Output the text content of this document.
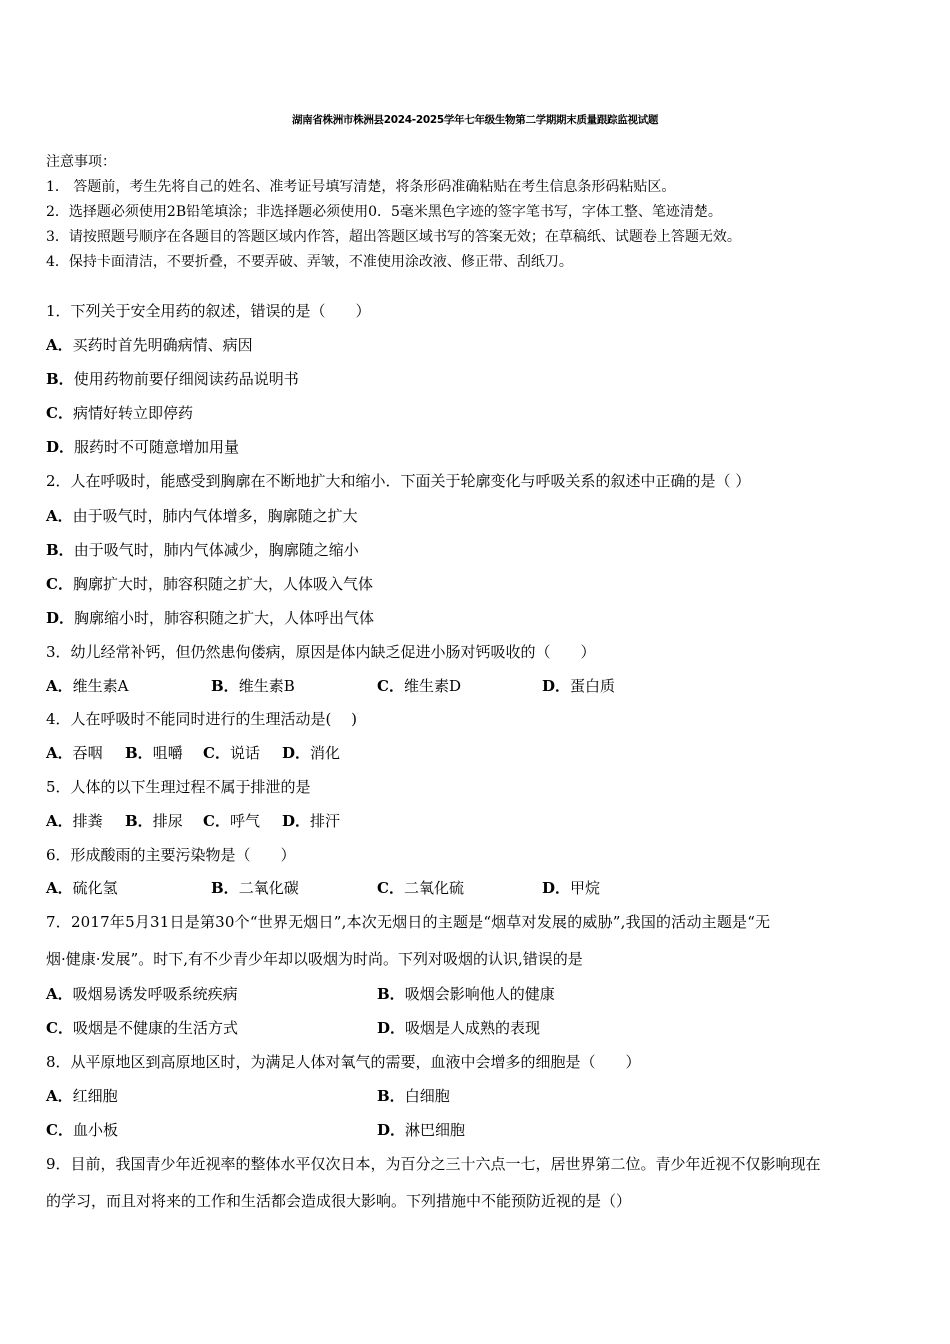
湖南省株洲市株洲县2024-2025学年七年级生物第二学期期末质量跟踪监视试题
注意事项：
1． 答题前，考生先将自己的姓名、准考证号填写清楚，将条形码准确粘贴在考生信息条形码粘贴区。
2．选择题必须使用2B铅笔填涂；非选择题必须使用0．5毫米黑色字迹的签字笔书写，字体工整、笔迹清楚。
3．请按照题号顺序在各题目的答题区域内作答，超出答题区域书写的答案无效；在草稿纸、试题卷上答题无效。
4．保持卡面清洁，不要折叠，不要弄破、弄皱，不准使用涂改液、修正带、刮纸刀。
1．下列关于安全用药的叙述，错误的是（　　）
A．买药时首先明确病情、病因
B．使用药物前要仔细阅读药品说明书
C．病情好转立即停药
D．服药时不可随意增加用量
2．人在呼吸时，能感受到胸廓在不断地扩大和缩小．下面关于轮廓变化与呼吸关系的叙述中正确的是（ ）
A．由于吸气时，肺内气体增多，胸廓随之扩大
B．由于吸气时，肺内气体减少，胸廓随之缩小
C．胸廓扩大时，肺容积随之扩大，人体吸入气体
D．胸廓缩小时，肺容积随之扩大，人体呼出气体
3．幼儿经常补钙，但仍然患佝偻病，原因是体内缺乏促进小肠对钙吸收的（　　）
A．维生素A	B．维生素B	C．维生素D	D．蛋白质
4．人在呼吸时不能同时进行的生理活动是(　 )
A．吞咽 B．咀嚼 C．说话 D．消化
5．人体的以下生理过程不属于排泄的是
A．排粪 B．排尿 C．呼气 D．排汗
6．形成酸雨的主要污染物是（　　）
A．硫化氢	B．二氧化碳	C．二氧化硫	D．甲烷
7．2017年5月31日是第30个“世界无烟日”,本次无烟日的主题是“烟草对发展的威胁”,我国的活动主题是“无
烟·健康·发展”。时下,有不少青少年却以吸烟为时尚。下列对吸烟的认识,错误的是
A．吸烟易诱发呼吸系统疾病	B．吸烟会影响他人的健康
C．吸烟是不健康的生活方式	D．吸烟是人成熟的表现
8．从平原地区到高原地区时，为满足人体对氧气的需要，血液中会增多的细胞是（　　）
A．红细胞	B．白细胞
C．血小板	D．淋巴细胞
9．目前，我国青少年近视率的整体水平仅次日本，为百分之三十六点一七，居世界第二位。青少年近视不仅影响现在
的学习，而且对将来的工作和生活都会造成很大影响。下列措施中不能预防近视的是（）
